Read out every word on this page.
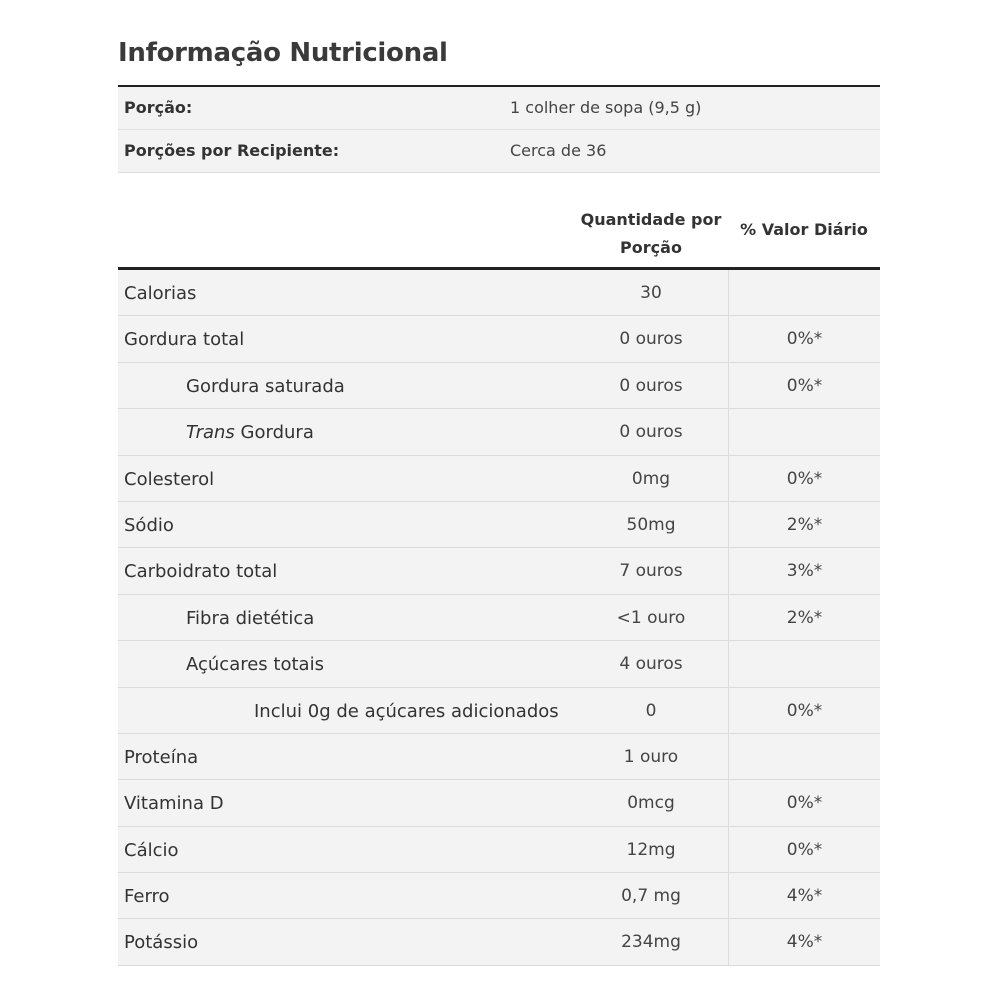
Informação Nutricional
Porção:	1 colher de sopa (9,5 g)
Porções por Recipiente:	Cerca de 36
Quantidade por
Porção
% Valor Diário
Calorias	30
Gordura total	0 ouros	0%*
Gordura saturada	0 ouros	0%*
Trans Gordura	0 ouros
Colesterol	0mg	0%*
Sódio	50mg	2%*
Carboidrato total	7 ouros	3%*
Fibra dietética	<1 ouro	2%*
Açúcares totais	4 ouros
Inclui 0g de açúcares adicionados	0	0%*
Proteína	1 ouro
Vitamina D	0mcg	0%*
Cálcio	12mg	0%*
Ferro	0,7 mg	4%*
Potássio	234mg	4%*
